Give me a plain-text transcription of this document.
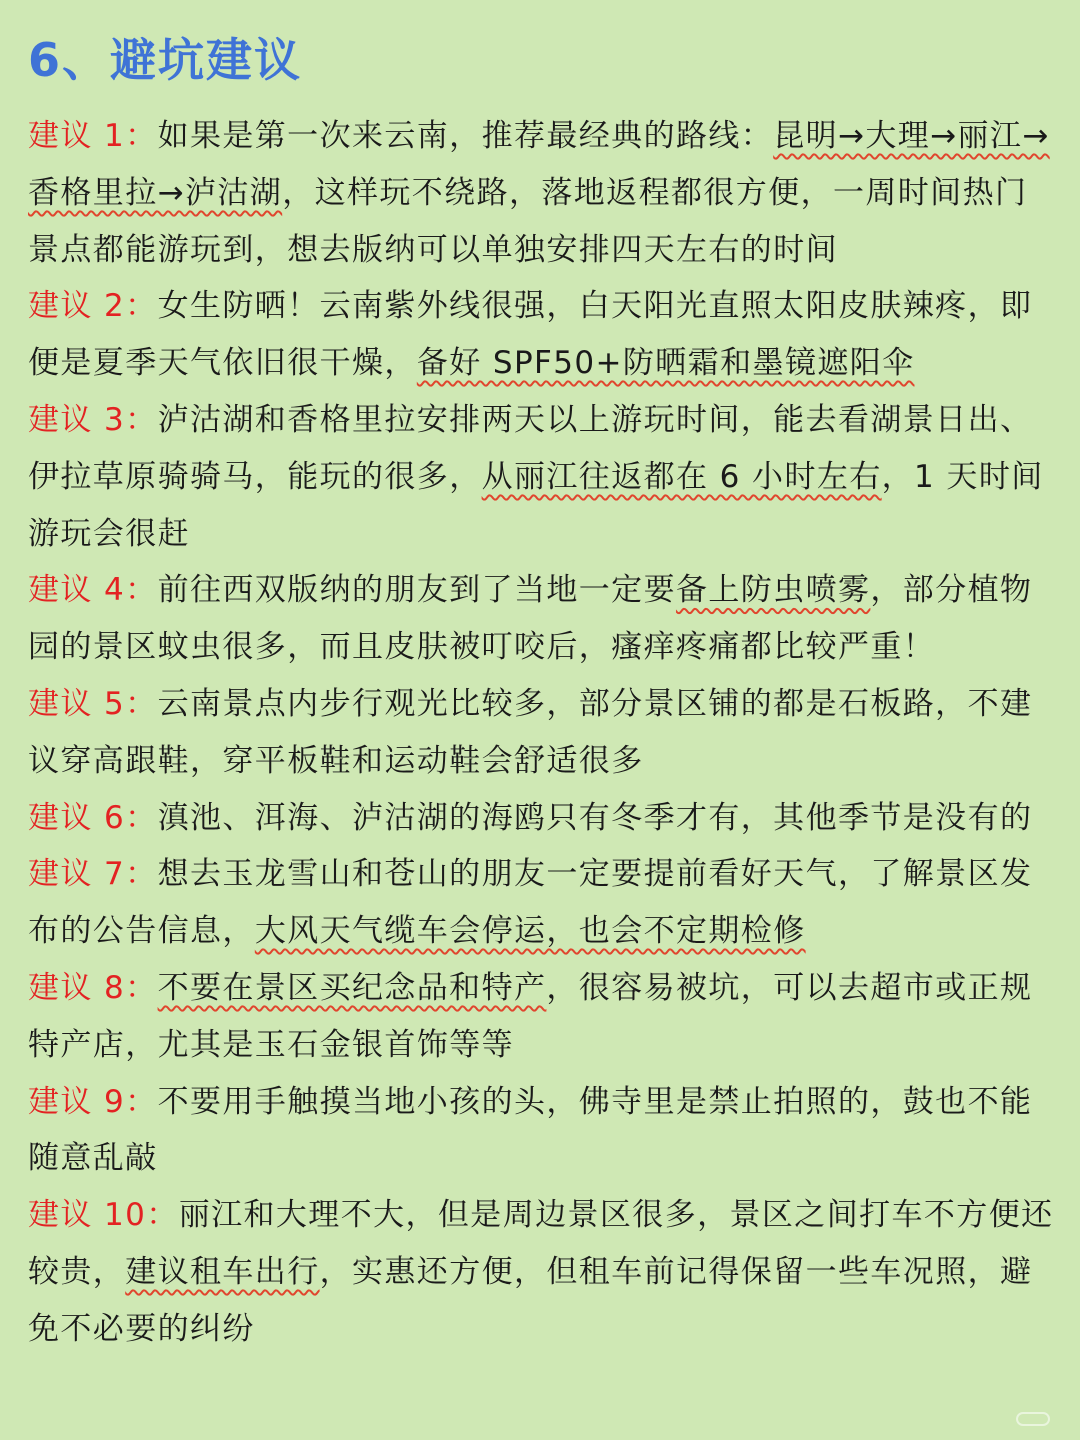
6、避坑建议

建议 1：如果是第一次来云南，推荐最经典的路线：昆明→大理→丽江→香格里拉→泸沽湖，这样玩不绕路，落地返程都很方便，一周时间热门景点都能游玩到，想去版纳可以单独安排四天左右的时间

建议 2：女生防晒！云南紫外线很强，白天阳光直照太阳皮肤辣疼，即便是夏季天气依旧很干燥，备好 SPF50+防晒霜和墨镜遮阳伞

建议 3：泸沽湖和香格里拉安排两天以上游玩时间，能去看湖景日出、伊拉草原骑骑马，能玩的很多，从丽江往返都在 6 小时左右，1 天时间游玩会很赶

建议 4：前往西双版纳的朋友到了当地一定要备上防虫喷雾，部分植物园的景区蚊虫很多，而且皮肤被叮咬后，瘙痒疼痛都比较严重！

建议 5：云南景点内步行观光比较多，部分景区铺的都是石板路，不建议穿高跟鞋，穿平板鞋和运动鞋会舒适很多

建议 6：滇池、洱海、泸沽湖的海鸥只有冬季才有，其他季节是没有的

建议 7：想去玉龙雪山和苍山的朋友一定要提前看好天气，了解景区发布的公告信息，大风天气缆车会停运，也会不定期检修

建议 8：不要在景区买纪念品和特产，很容易被坑，可以去超市或正规特产店，尤其是玉石金银首饰等等

建议 9：不要用手触摸当地小孩的头，佛寺里是禁止拍照的，鼓也不能随意乱敲

建议 10：丽江和大理不大，但是周边景区很多，景区之间打车不方便还较贵，建议租车出行，实惠还方便，但租车前记得保留一些车况照，避免不必要的纠纷
